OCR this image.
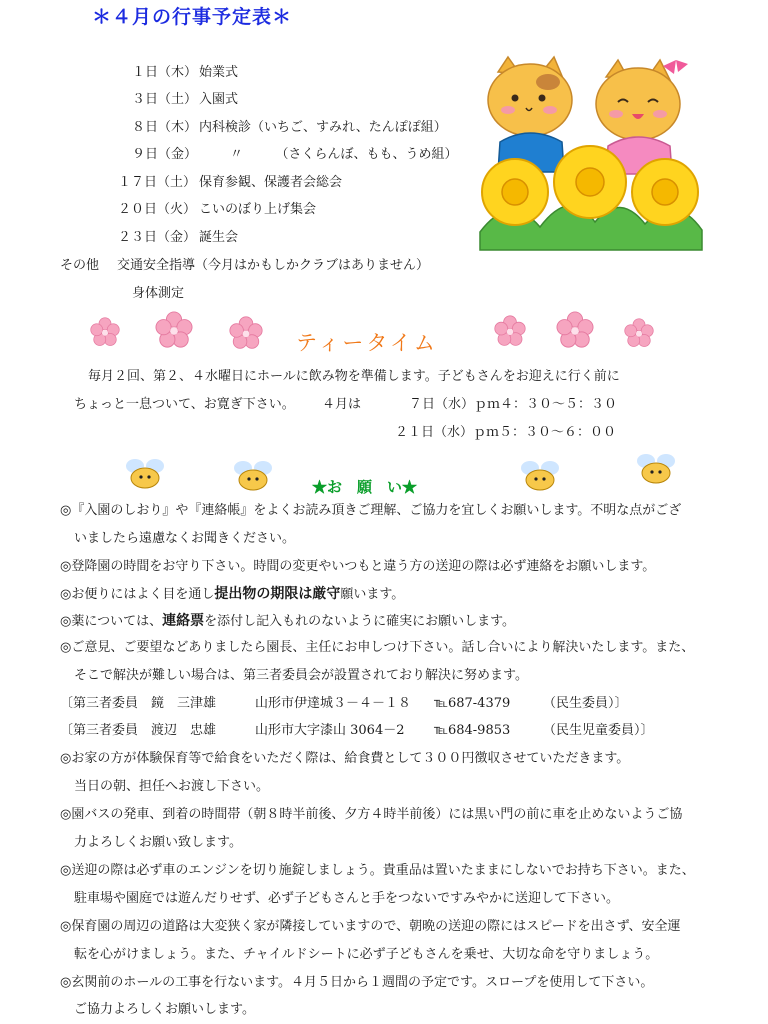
＊４月の行事予定表＊
１日（木） 始業式
３日（土） 入園式
８日（木） 内科検診（いちご、すみれ、たんぽぽ組）
９日（金）	〃　　　（さくらんぼ、もも、うめ組）
１７日（土） 保育参観、保護者会総会
２０日（火） こいのぼり上げ集会
２３日（金） 誕生会
その他 交通安全指導（今月はかもしかクラブはありません）
身体測定
ティータイム
毎月２回、第２、４水曜日にホールに飲み物を準備します。子どもさんをお迎えに行く前に
ちょっと一息ついて、お寛ぎ下さい。 ４月は	７日（水）ｐｍ４：３０～５：３０
２１日（水）ｐｍ５：３０～６：００
★お　願　い★
◎『入園のしおり』や『連絡帳』をよくお読み頂きご理解、ご協力を宜しくお願いします。不明な点がござ
いましたら遠慮なくお聞きください。
◎登降園の時間をお守り下さい。時間の変更やいつもと違う方の送迎の際は必ず連絡をお願いします。
◎お便りにはよく目を通し提出物の期限は厳守願います。
◎薬については、連絡票を添付し記入もれのないように確実にお願いします。
◎ご意見、ご要望などありましたら園長、主任にお申しつけ下さい。話し合いにより解決いたします。また、
そこで解決が難しい場合は、第三者委員会が設置されており解決に努めます。
〔第三者委員　鏡　三津雄	山形市伊達城３－４－１８ ℡687-4379	（民生委員）〕
〔第三者委員　渡辺　忠雄	山形市大字漆山 3064－2 ℡684-9853	（民生児童委員）〕
◎お家の方が体験保育等で給食をいただく際は、給食費として３００円徴収させていただきます。
当日の朝、担任へお渡し下さい。
◎園バスの発車、到着の時間帯（朝８時半前後、夕方４時半前後）には黒い門の前に車を止めないようご協
力よろしくお願い致します。
◎送迎の際は必ず車のエンジンを切り施錠しましょう。貴重品は置いたままにしないでお持ち下さい。また、
駐車場や園庭では遊んだりせず、必ず子どもさんと手をつないですみやかに送迎して下さい。
◎保育園の周辺の道路は大変狭く家が隣接していますので、朝晩の送迎の際にはスピードを出さず、安全運
転を心がけましょう。また、チャイルドシートに必ず子どもさんを乗せ、大切な命を守りましょう。
◎玄関前のホールの工事を行ないます。４月５日から１週間の予定です。スロープを使用して下さい。
ご協力よろしくお願いします。
